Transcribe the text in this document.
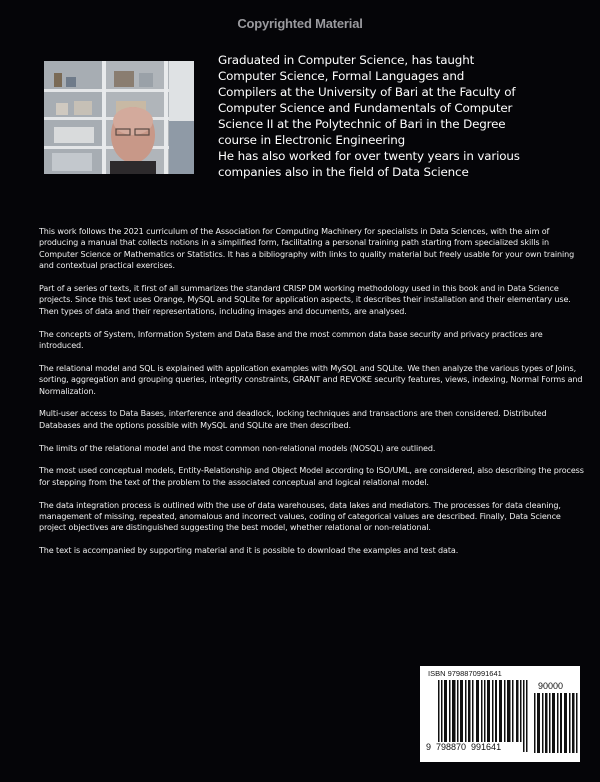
Copyrighted Material

Graduated in Computer Science, has taught

Computer Science, Formal Languages and

Compilers at the University of Bari at the Faculty of

Computer Science and Fundamentals of Computer

Science II at the Polytechnic of Bari in the Degree

course in Electronic Engineering

He has also worked for over twenty years in various

companies also in the field of Data Science

This work follows the 2021 curriculum of the Association for Computing Machinery for specialists in Data Sciences, with the aim of producing a manual that collects notions in a simplified form, facilitating a personal training path starting from specialized skills in Computer Science or Mathematics or Statistics. It has a bibliography with links to quality material but freely usable for your own training and contextual practical exercises.

Part of a series of texts, it first of all summarizes the standard CRISP DM working methodology used in this book and in Data Science projects. Since this text uses Orange, MySQL and SQLite for application aspects, it describes their installation and their elementary use. Then types of data and their representations, including images and documents, are analysed.

The concepts of System, Information System and Data Base and the most common data base security and privacy practices are introduced.

The relational model and SQL is explained with application examples with MySQL and SQLite. We then analyze the various types of Joins, sorting, aggregation and grouping queries, integrity constraints, GRANT and REVOKE security features, views, indexing, Normal Forms and Normalization.

Multi-user access to Data Bases, interference and deadlock, locking techniques and transactions are then considered. Distributed Databases and the options possible with MySQL and SQLite are then described.

The limits of the relational model and the most common non-relational models (NOSQL) are outlined.

The most used conceptual models, Entity-Relationship and Object Model according to ISO/UML, are considered, also describing the process for stepping from the text of the problem to the associated conceptual and logical relational model.

The data integration process is outlined with the use of data warehouses, data lakes and mediators. The processes for data cleaning, management of missing, repeated, anomalous and incorrect values, coding of categorical values are described. Finally, Data Science project objectives are distinguished suggesting the best model, whether relational or non-relational.

The text is accompanied by supporting material and it is possible to download the examples and test data.

ISBN 9798870991641
90000
9  798870  991641
